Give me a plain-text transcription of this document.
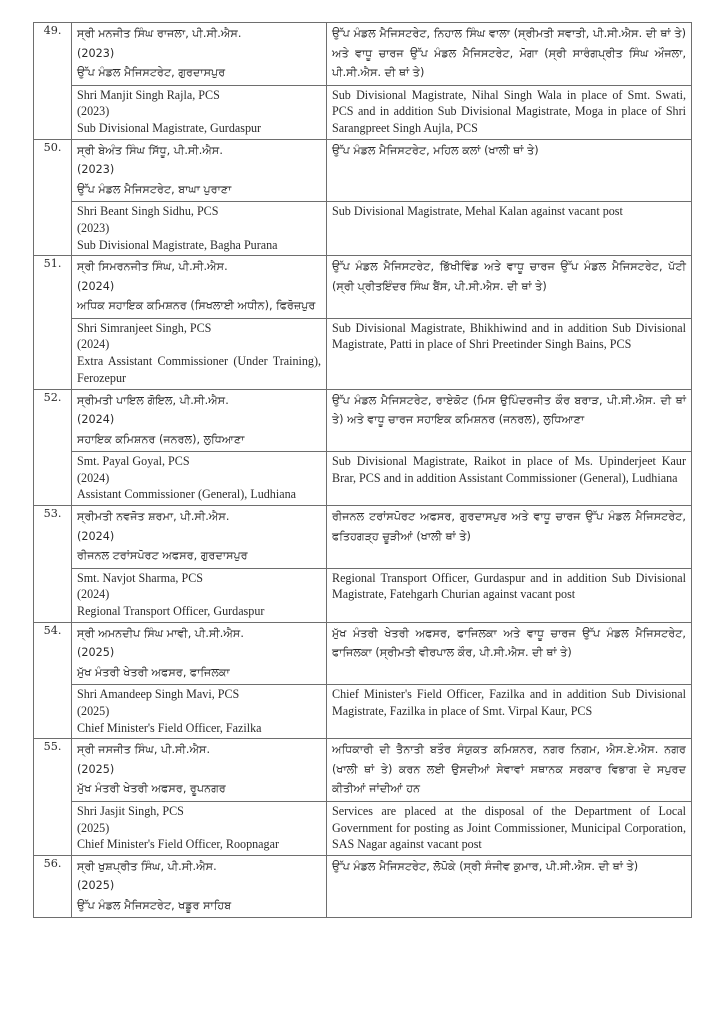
49.	ਸ੍ਰੀ ਮਨਜੀਤ ਸਿੰਘ ਰਾਜਲਾ, ਪੀ.ਸੀ.ਐਸ.
(2023)
ਉੱਪ ਮੰਡਲ ਮੈਜਿਸਟਰੇਟ, ਗੁਰਦਾਸਪੁਰ	ਉੱਪ ਮੰਡਲ ਮੈਜਿਸਟਰੇਟ, ਨਿਹਾਲ ਸਿੰਘ ਵਾਲਾ (ਸ੍ਰੀਮਤੀ ਸਵਾਤੀ, ਪੀ.ਸੀ.ਐਸ. ਦੀ ਥਾਂ ਤੇ) ਅਤੇ ਵਾਧੂ ਚਾਰਜ ਉੱਪ ਮੰਡਲ ਮੈਜਿਸਟਰੇਟ, ਮੋਗਾ (ਸ੍ਰੀ ਸਾਰੰਗਪ੍ਰੀਤ ਸਿੰਘ ਔਜਲਾ, ਪੀ.ਸੀ.ਐਸ. ਦੀ ਥਾਂ ਤੇ)

	Shri Manjit Singh Rajla, PCS
(2023)
Sub Divisional Magistrate, Gurdaspur	Sub Divisional Magistrate, Nihal Singh Wala in place of Smt. Swati, PCS and in addition Sub Divisional Magistrate, Moga in place of Shri Sarangpreet Singh Aujla, PCS

50.	ਸ੍ਰੀ ਬੇਅੰਤ ਸਿੰਘ ਸਿੱਧੂ, ਪੀ.ਸੀ.ਐਸ.
(2023)
ਉੱਪ ਮੰਡਲ ਮੈਜਿਸਟਰੇਟ, ਬਾਘਾ ਪੁਰਾਣਾ	ਉੱਪ ਮੰਡਲ ਮੈਜਿਸਟਰੇਟ, ਮਹਿਲ ਕਲਾਂ (ਖਾਲੀ ਥਾਂ ਤੇ)

	Shri Beant Singh Sidhu, PCS
(2023)
Sub Divisional Magistrate, Bagha Purana	Sub Divisional Magistrate, Mehal Kalan against vacant post

51.	ਸ੍ਰੀ ਸਿਮਰਨਜੀਤ ਸਿੰਘ, ਪੀ.ਸੀ.ਐਸ.
(2024)
ਅਧਿਕ ਸਹਾਇਕ ਕਮਿਸ਼ਨਰ (ਸਿਖਲਾਈ ਅਧੀਨ), ਫਿਰੋਜ਼ਪੁਰ	ਉੱਪ ਮੰਡਲ ਮੈਜਿਸਟਰੇਟ, ਭਿੱਖੀਵਿੰਡ ਅਤੇ ਵਾਧੂ ਚਾਰਜ ਉੱਪ ਮੰਡਲ ਮੈਜਿਸਟਰੇਟ, ਪੱਟੀ (ਸ੍ਰੀ ਪ੍ਰੀਤਇੰਦਰ ਸਿੰਘ ਬੈਂਸ, ਪੀ.ਸੀ.ਐਸ. ਦੀ ਥਾਂ ਤੇ)

	Shri Simranjeet Singh, PCS
(2024)
Extra Assistant Commissioner (Under Training), Ferozepur	Sub Divisional Magistrate, Bhikhiwind and in addition Sub Divisional Magistrate, Patti in place of Shri Preetinder Singh Bains, PCS

52.	ਸ੍ਰੀਮਤੀ ਪਾਇਲ ਗੋਇਲ, ਪੀ.ਸੀ.ਐਸ.
(2024)
ਸਹਾਇਕ ਕਮਿਸ਼ਨਰ (ਜਨਰਲ), ਲੁਧਿਆਣਾ	ਉੱਪ ਮੰਡਲ ਮੈਜਿਸਟਰੇਟ, ਰਾਏਕੋਟ (ਮਿਸ ਉਪਿੰਦਰਜੀਤ ਕੌਰ ਬਰਾੜ, ਪੀ.ਸੀ.ਐਸ. ਦੀ ਥਾਂ ਤੇ) ਅਤੇ ਵਾਧੂ ਚਾਰਜ ਸਹਾਇਕ ਕਮਿਸ਼ਨਰ (ਜਨਰਲ), ਲੁਧਿਆਣਾ

	Smt. Payal Goyal, PCS
(2024)
Assistant Commissioner (General), Ludhiana	Sub Divisional Magistrate, Raikot in place of Ms. Upinderjeet Kaur Brar, PCS and in addition Assistant Commissioner (General), Ludhiana

53.	ਸ੍ਰੀਮਤੀ ਨਵਜੋਤ ਸ਼ਰਮਾ, ਪੀ.ਸੀ.ਐਸ.
(2024)
ਰੀਜਨਲ ਟਰਾਂਸਪੋਰਟ ਅਫਸਰ, ਗੁਰਦਾਸਪੁਰ	ਰੀਜਨਲ ਟਰਾਂਸਪੋਰਟ ਅਫਸਰ, ਗੁਰਦਾਸਪੁਰ ਅਤੇ ਵਾਧੂ ਚਾਰਜ ਉੱਪ ਮੰਡਲ ਮੈਜਿਸਟਰੇਟ, ਫਤਿਹਗੜ੍ਹ ਚੂੜੀਆਂ (ਖਾਲੀ ਥਾਂ ਤੇ)

	Smt. Navjot Sharma, PCS
(2024)
Regional Transport Officer, Gurdaspur	Regional Transport Officer, Gurdaspur and in addition Sub Divisional Magistrate, Fatehgarh Churian against vacant post

54.	ਸ੍ਰੀ ਅਮਨਦੀਪ ਸਿੰਘ ਮਾਵੀ, ਪੀ.ਸੀ.ਐਸ.
(2025)
ਮੁੱਖ ਮੰਤਰੀ ਖੇਤਰੀ ਅਫਸਰ, ਫਾਜਿਲਕਾ	ਮੁੱਖ ਮੰਤਰੀ ਖੇਤਰੀ ਅਫਸਰ, ਫਾਜਿਲਕਾ ਅਤੇ ਵਾਧੂ ਚਾਰਜ ਉੱਪ ਮੰਡਲ ਮੈਜਿਸਟਰੇਟ, ਫਾਜਿਲਕਾ (ਸ੍ਰੀਮਤੀ ਵੀਰਪਾਲ ਕੌਰ, ਪੀ.ਸੀ.ਐਸ. ਦੀ ਥਾਂ ਤੇ)

	Shri Amandeep Singh Mavi, PCS
(2025)
Chief Minister's Field Officer, Fazilka	Chief Minister's Field Officer, Fazilka and in addition Sub Divisional Magistrate, Fazilka in place of Smt. Virpal Kaur, PCS

55.	ਸ੍ਰੀ ਜਸਜੀਤ ਸਿੰਘ, ਪੀ.ਸੀ.ਐਸ.
(2025)
ਮੁੱਖ ਮੰਤਰੀ ਖੇਤਰੀ ਅਫਸਰ, ਰੂਪਨਗਰ	ਅਧਿਕਾਰੀ ਦੀ ਤੈਨਾਤੀ ਬਤੌਰ ਸੰਯੁਕਤ ਕਮਿਸ਼ਨਰ, ਨਗਰ ਨਿਗਮ, ਐਸ.ਏ.ਐਸ. ਨਗਰ (ਖਾਲੀ ਥਾਂ ਤੇ) ਕਰਨ ਲਈ ਉਸਦੀਆਂ ਸੇਵਾਵਾਂ ਸਥਾਨਕ ਸਰਕਾਰ ਵਿਭਾਗ ਦੇ ਸਪੁਰਦ ਕੀਤੀਆਂ ਜਾਂਦੀਆਂ ਹਨ

	Shri Jasjit Singh, PCS
(2025)
Chief Minister's Field Officer, Roopnagar	Services are placed at the disposal of the Department of Local Government for posting as Joint Commissioner, Municipal Corporation, SAS Nagar against vacant post

56.	ਸ੍ਰੀ ਖੁਸ਼ਪ੍ਰੀਤ ਸਿੰਘ, ਪੀ.ਸੀ.ਐਸ.
(2025)
ਉੱਪ ਮੰਡਲ ਮੈਜਿਸਟਰੇਟ, ਖਡੂਰ ਸਾਹਿਬ	ਉੱਪ ਮੰਡਲ ਮੈਜਿਸਟਰੇਟ, ਲੋਪੋਕੇ (ਸ੍ਰੀ ਸੰਜੀਵ ਕੁਮਾਰ, ਪੀ.ਸੀ.ਐਸ. ਦੀ ਥਾਂ ਤੇ)
